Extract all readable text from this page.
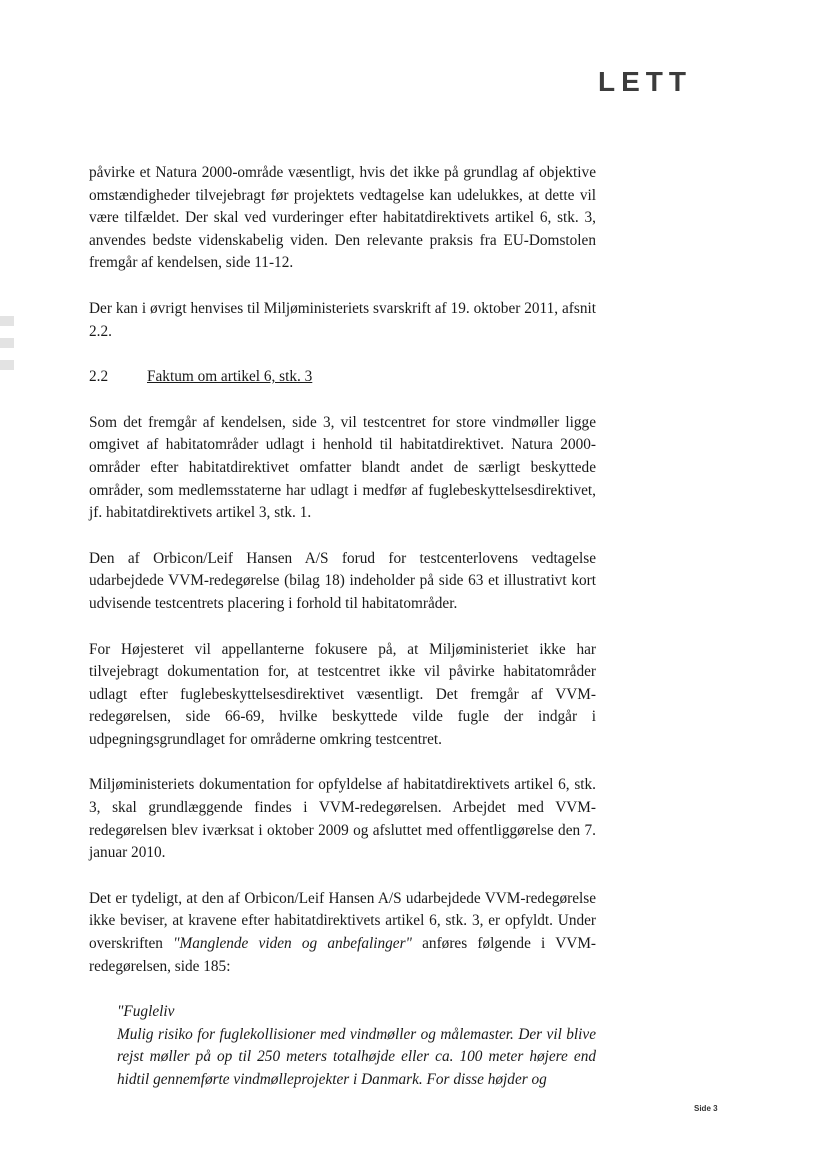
LETT

påvirke et Natura 2000-område væsentligt, hvis det ikke på grundlag af objektive omstændigheder tilvejebragt før projektets vedtagelse kan udelukkes, at dette vil være tilfældet. Der skal ved vurderinger efter habitatdirektivets artikel 6, stk. 3, anvendes bedste videnskabelig viden. Den relevante praksis fra EU-Domstolen fremgår af kendelsen, side 11-12.

Der kan i øvrigt henvises til Miljøministeriets svarskrift af 19. oktober 2011, afsnit 2.2.

2.2	Faktum om artikel 6, stk. 3

Som det fremgår af kendelsen, side 3, vil testcentret for store vindmøller ligge omgivet af habitatområder udlagt i henhold til habitatdirektivet. Natura 2000-områder efter habitatdirektivet omfatter blandt andet de særligt beskyttede områder, som medlemsstaterne har udlagt i medfør af fuglebeskyttelsesdirektivet, jf. habitatdirektivets artikel 3, stk. 1.

Den af Orbicon/Leif Hansen A/S forud for testcenterlovens vedtagelse udarbejdede VVM-redegørelse (bilag 18) indeholder på side 63 et illustrativt kort udvisende testcentrets placering i forhold til habitatområder.

For Højesteret vil appellanterne fokusere på, at Miljøministeriet ikke har tilvejebragt dokumentation for, at testcentret ikke vil påvirke habitatområder udlagt efter fuglebeskyttelsesdirektivet væsentligt. Det fremgår af VVM-redegørelsen, side 66-69, hvilke beskyttede vilde fugle der indgår i udpegningsgrundlaget for områderne omkring testcentret.

Miljøministeriets dokumentation for opfyldelse af habitatdirektivets artikel 6, stk. 3, skal grundlæggende findes i VVM-redegørelsen. Arbejdet med VVM-redegørelsen blev iværksat i oktober 2009 og afsluttet med offentliggørelse den 7. januar 2010.

Det er tydeligt, at den af Orbicon/Leif Hansen A/S udarbejdede VVM-redegørelse ikke beviser, at kravene efter habitatdirektivets artikel 6, stk. 3, er opfyldt. Under overskriften "Manglende viden og anbefalinger" anføres følgende i VVM-redegørelsen, side 185:

"Fugleliv
Mulig risiko for fuglekollisioner med vindmøller og målemaster. Der vil blive rejst møller på op til 250 meters totalhøjde eller ca. 100 meter højere end hidtil gennemførte vindmølleprojekter i Danmark. For disse højder og
Side 3
